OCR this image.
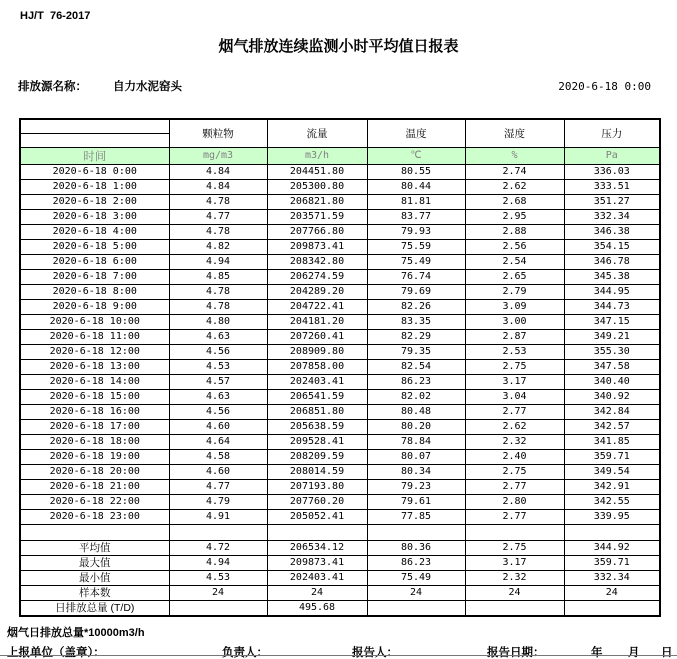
HJ/T  76-2017
烟气排放连续监测小时平均值日报表
排放源名称： 自力水泥窑头	2020-6-18 0:00
	颗粒物	流量	温度	湿度	压力

时间	mg/m3	m3/h	℃	%	Pa
2020-6-18 0:00	4.84	204451.80	80.55	2.74	336.03
2020-6-18 1:00	4.84	205300.80	80.44	2.62	333.51
2020-6-18 2:00	4.78	206821.80	81.81	2.68	351.27
2020-6-18 3:00	4.77	203571.59	83.77	2.95	332.34
2020-6-18 4:00	4.78	207766.80	79.93	2.88	346.38
2020-6-18 5:00	4.82	209873.41	75.59	2.56	354.15
2020-6-18 6:00	4.94	208342.80	75.49	2.54	346.78
2020-6-18 7:00	4.85	206274.59	76.74	2.65	345.38
2020-6-18 8:00	4.78	204289.20	79.69	2.79	344.95
2020-6-18 9:00	4.78	204722.41	82.26	3.09	344.73
2020-6-18 10:00	4.80	204181.20	83.35	3.00	347.15
2020-6-18 11:00	4.63	207260.41	82.29	2.87	349.21
2020-6-18 12:00	4.56	208909.80	79.35	2.53	355.30
2020-6-18 13:00	4.53	207858.00	82.54	2.75	347.58
2020-6-18 14:00	4.57	202403.41	86.23	3.17	340.40
2020-6-18 15:00	4.63	206541.59	82.02	3.04	340.92
2020-6-18 16:00	4.56	206851.80	80.48	2.77	342.84
2020-6-18 17:00	4.60	205638.59	80.20	2.62	342.57
2020-6-18 18:00	4.64	209528.41	78.84	2.32	341.85
2020-6-18 19:00	4.58	208209.59	80.07	2.40	359.71
2020-6-18 20:00	4.60	208014.59	80.34	2.75	349.54
2020-6-18 21:00	4.77	207193.80	79.23	2.77	342.91
2020-6-18 22:00	4.79	207760.20	79.61	2.80	342.55
2020-6-18 23:00	4.91	205052.41	77.85	2.77	339.95

平均值	4.72	206534.12	80.36	2.75	344.92
最大值	4.94	209873.41	86.23	3.17	359.71
最小值	4.53	202403.41	75.49	2.32	332.34
样本数	24	24	24	24	24
日排放总量 (T/D)		495.68			
烟气日排放总量*10000m3/h
上报单位（盖章）：	负责人：	报告人：	报告日期：	年 月 日
